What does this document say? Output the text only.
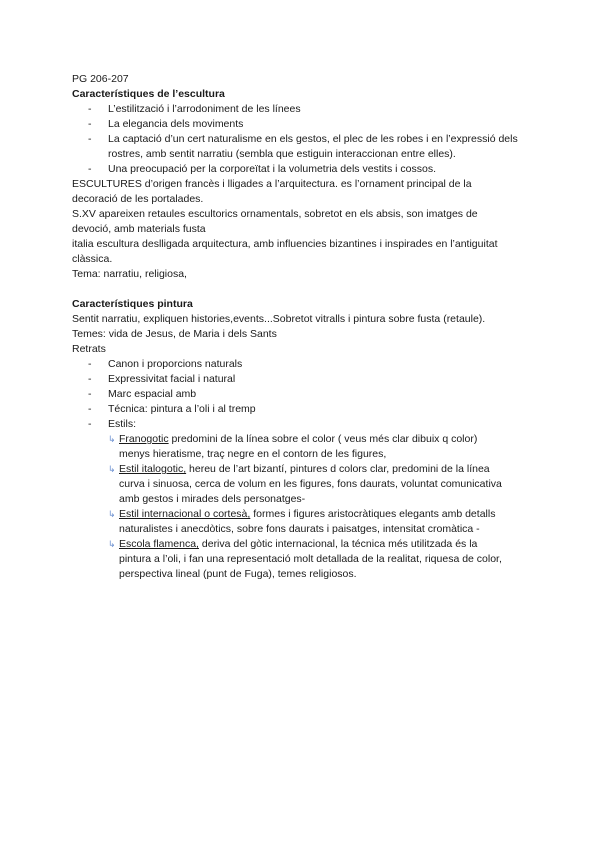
PG 206-207
Característiques de l’escultura
- L’estilització i l’arrodoniment de les línees
- La elegancia dels moviments
- La captació d’un cert naturalisme en els gestos, el plec de les robes i en l’expressió dels rostres, amb sentit narratiu (sembla que estiguin interaccionan entre elles).
- Una preocupació per la corporeïtat i la volumetria dels vestits i cossos.
ESCULTURES d’origen francès i lligades a l’arquitectura. es l’ornament principal de la
decoració de les portalades.
S.XV apareixen retaules escultorics ornamentals, sobretot en els absis, son imatges de
devoció, amb materials fusta
italia escultura deslligada arquitectura, amb influencies bizantines i inspirades en l’antiguitat
clàssica.
Tema: narratiu, religiosa,
Característiques pintura
Sentit narratiu, expliquen histories,events...Sobretot vitralls i pintura sobre fusta (retaule).
Temes: vida de Jesus, de Maria i dels Sants
Retrats
- Canon i proporcions naturals
- Expressivitat facial i natural
- Marc espacial amb
- Técnica: pintura a l’oli i al tremp
- Estils:
↳ Franogotic predomini de la línea sobre el color ( veus més clar dibuix q color)
menys hieratisme, traç negre en el contorn de les figures,
↳ Estil italogotic, hereu de l’art bizantí, pintures d colors clar, predomini de la línea
curva i sinuosa, cerca de volum en les figures, fons daurats, voluntat comunicativa
amb gestos i mirades dels personatges-
↳ Estil internacional o cortesà, formes i figures aristocràtiques elegants amb detalls
naturalistes i anecdòtics, sobre fons daurats i paisatges, intensitat cromàtica -
↳ Escola flamenca, deriva del gòtic internacional, la técnica més utilitzada és la
pintura a l’oli, i fan una representació molt detallada de la realitat, riquesa de color,
perspectiva lineal (punt de Fuga), temes religiosos.
